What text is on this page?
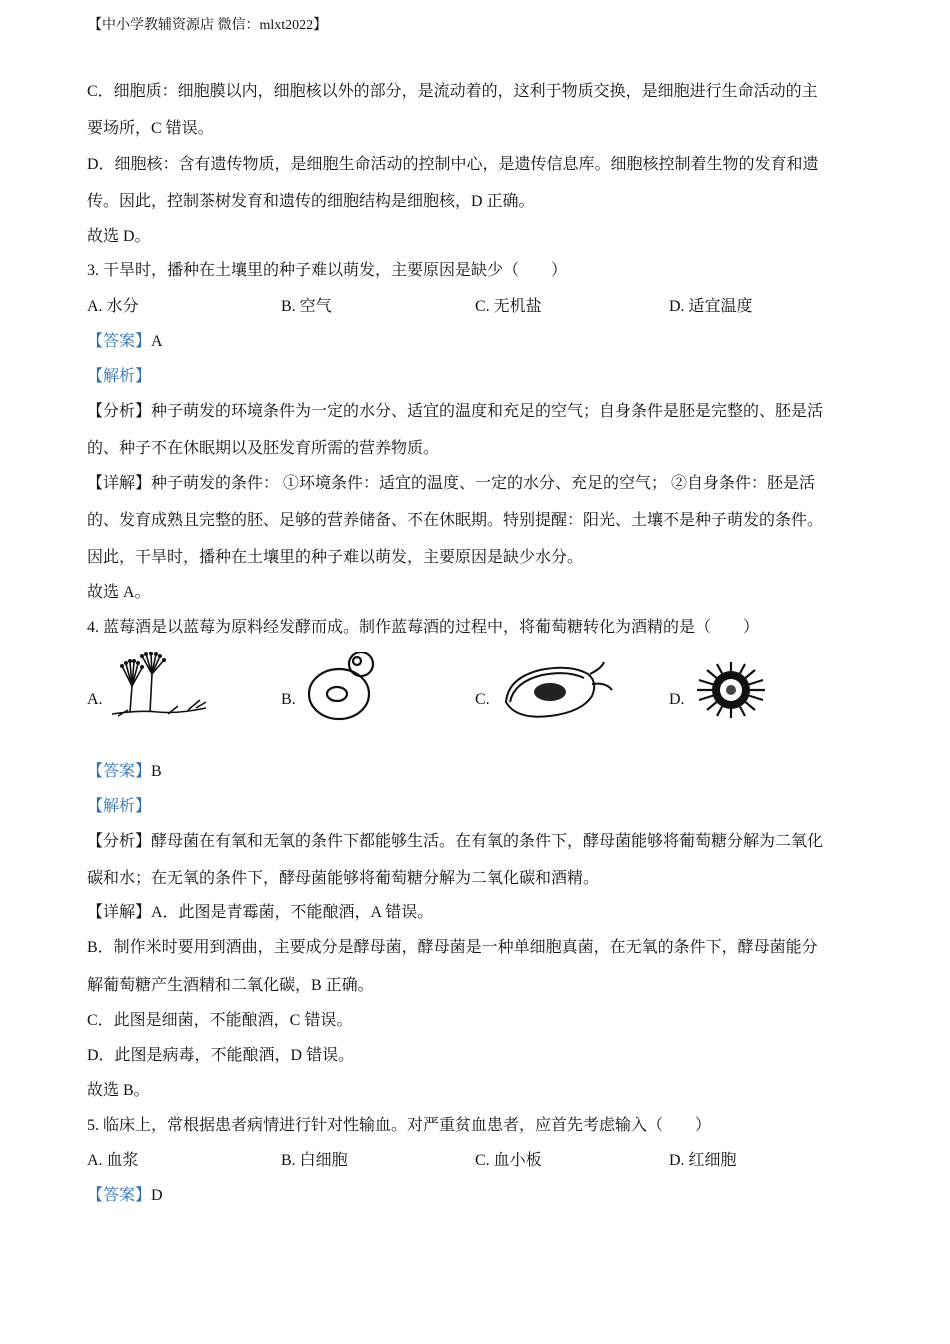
【中小学教辅资源店 微信：mlxt2022】
C．细胞质：细胞膜以内，细胞核以外的部分，是流动着的，这利于物质交换，是细胞进行生命活动的主
要场所，C 错误。
D．细胞核：含有遗传物质，是细胞生命活动的控制中心，是遗传信息库。细胞核控制着生物的发育和遗
传。因此，控制茶树发育和遗传的细胞结构是细胞核，D 正确。
故选 D。
3. 干旱时，播种在土壤里的种子难以萌发，主要原因是缺少（　　）
A. 水分	B. 空气	C. 无机盐	D. 适宜温度
【答案】A
【解析】
【分析】种子萌发的环境条件为一定的水分、适宜的温度和充足的空气；自身条件是胚是完整的、胚是活
的、种子不在休眠期以及胚发育所需的营养物质。
【详解】种子萌发的条件： ①环境条件：适宜的温度、一定的水分、充足的空气； ②自身条件：胚是活
的、发育成熟且完整的胚、足够的营养储备、不在休眠期。特别提醒：阳光、土壤不是种子萌发的条件。
因此，干旱时，播种在土壤里的种子难以萌发，主要原因是缺少水分。
故选 A。
4. 蓝莓酒是以蓝莓为原料经发酵而成。制作蓝莓酒的过程中，将葡萄糖转化为酒精的是（　　）
A.	B.	C.	D.
【答案】B
【解析】
【分析】酵母菌在有氧和无氧的条件下都能够生活。在有氧的条件下，酵母菌能够将葡萄糖分解为二氧化
碳和水；在无氧的条件下，酵母菌能够将葡萄糖分解为二氧化碳和酒精。
【详解】A．此图是青霉菌，不能酿酒，A 错误。
B．制作米时要用到酒曲，主要成分是酵母菌，酵母菌是一种单细胞真菌，在无氧的条件下，酵母菌能分
解葡萄糖产生酒精和二氧化碳，B 正确。
C．此图是细菌，不能酿酒，C 错误。
D．此图是病毒，不能酿酒，D 错误。
故选 B。
5. 临床上，常根据患者病情进行针对性输血。对严重贫血患者，应首先考虑输入（　　）
A. 血浆	B. 白细胞	C. 血小板	D. 红细胞
【答案】D
